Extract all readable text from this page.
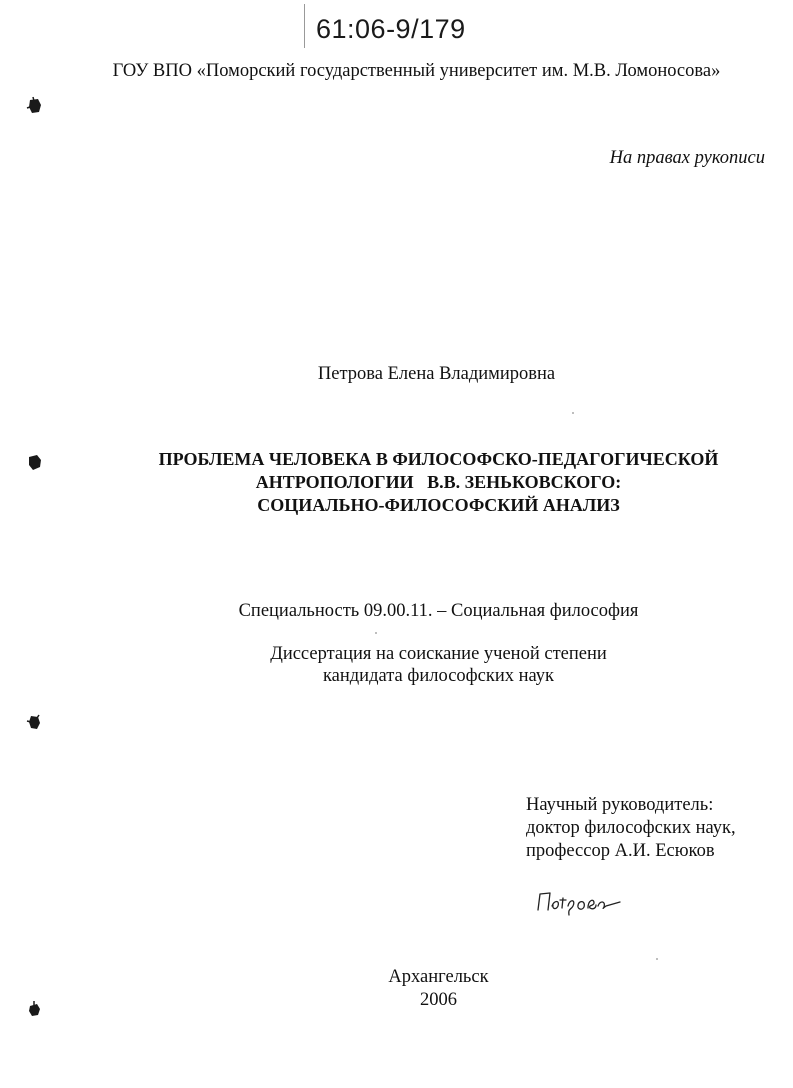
61:06-9/179
ГОУ ВПО «Поморский государственный университет им. М.В. Ломоносова»
На правах рукописи
Петрова Елена Владимировна
ПРОБЛЕМА ЧЕЛОВЕКА В ФИЛОСОФСКО-ПЕДАГОГИЧЕСКОЙ
АНТРОПОЛОГИИ   В.В. ЗЕНЬКОВСКОГО:
СОЦИАЛЬНО-ФИЛОСОФСКИЙ АНАЛИЗ
Специальность 09.00.11. – Социальная философия
Диссертация на соискание ученой степени
кандидата философских наук
Научный руководитель:
доктор философских наук,
профессор А.И. Есюков
Архангельск
2006
